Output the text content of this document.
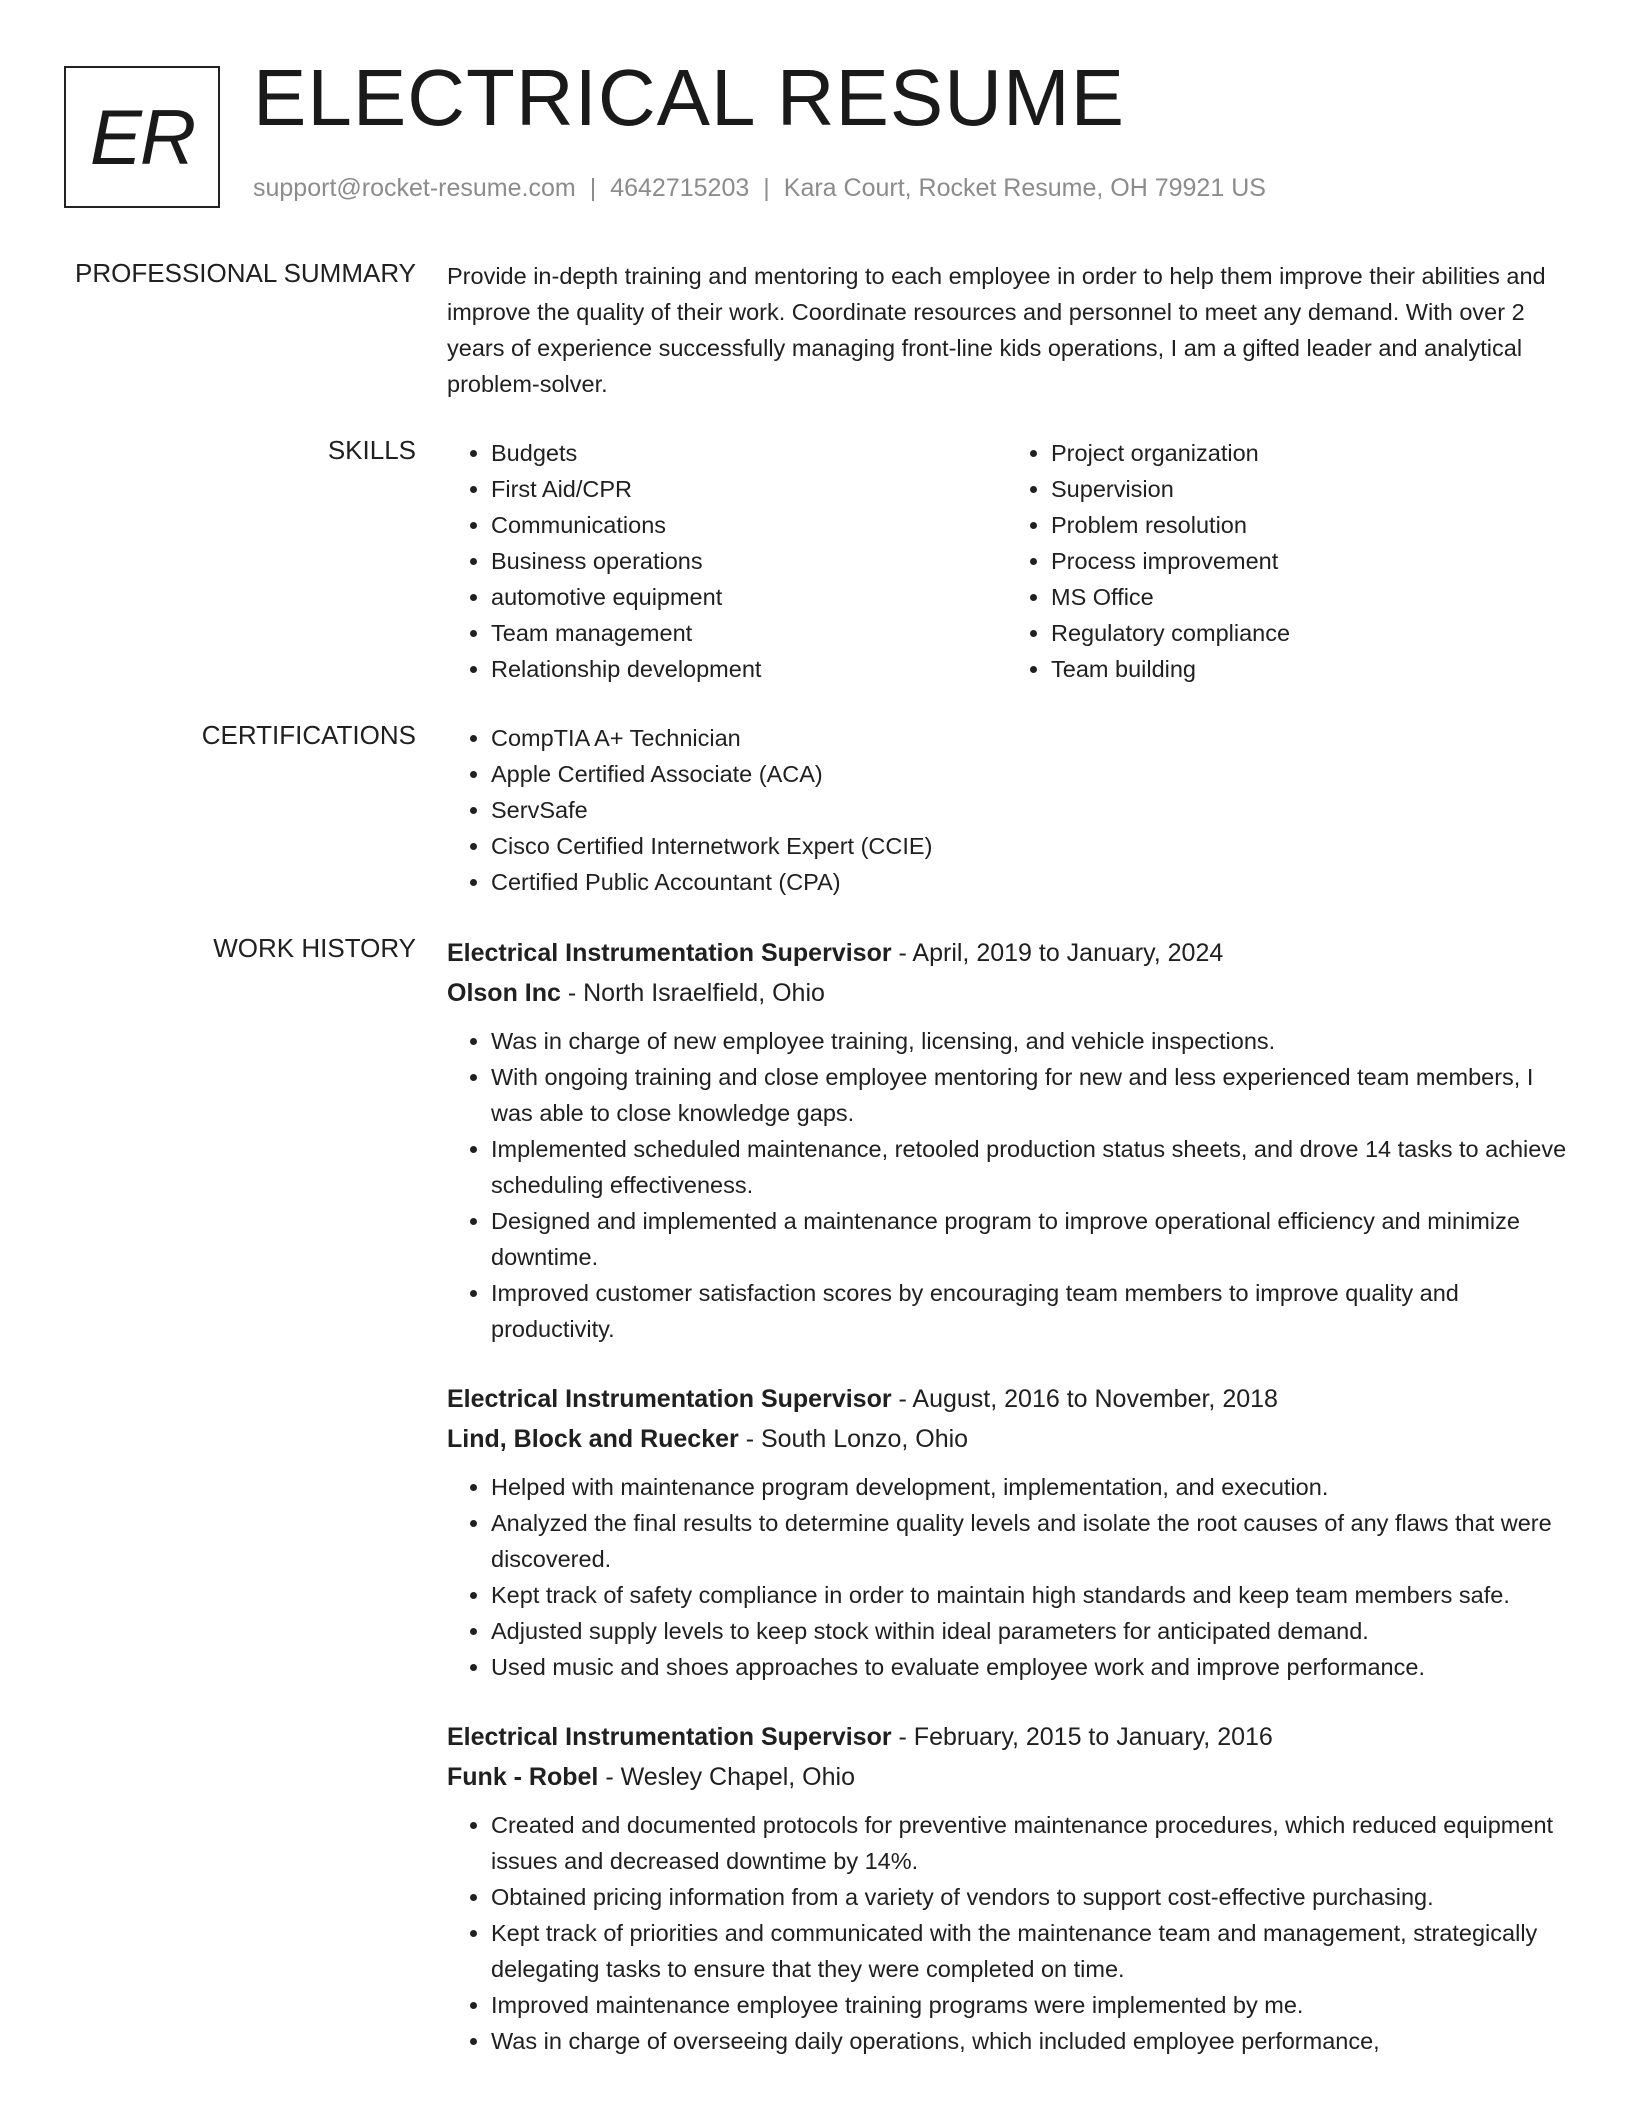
ER ELECTRICAL RESUME
support@rocket-resume.com | 4642715203 | Kara Court, Rocket Resume, OH 79921 US
PROFESSIONAL SUMMARY Provide in-depth training and mentoring to each employee in order to help them improve their abilities and improve the quality of their work. Coordinate resources and personnel to meet any demand. With over 2 years of experience successfully managing front-line kids operations, I am a gifted leader and analytical problem-solver.
SKILLS	• Budgets
• First Aid/CPR
• Communications
• Business operations
• automotive equipment
• Team management
• Relationship development
• Project organization
• Supervision
• Problem resolution
• Process improvement
• MS Office
• Regulatory compliance
• Team building
CERTIFICATIONS	• CompTIA A+ Technician
• Apple Certified Associate (ACA)
• ServSafe
• Cisco Certified Internetwork Expert (CCIE)
• Certified Public Accountant (CPA)
WORK HISTORY Electrical Instrumentation Supervisor - April, 2019 to January, 2024
Olson Inc - North Israelfield, Ohio
• Was in charge of new employee training, licensing, and vehicle inspections.
• With ongoing training and close employee mentoring for new and less experienced team members, I was able to close knowledge gaps.
• Implemented scheduled maintenance, retooled production status sheets, and drove 14 tasks to achieve scheduling effectiveness.
• Designed and implemented a maintenance program to improve operational efficiency and minimize downtime.
• Improved customer satisfaction scores by encouraging team members to improve quality and productivity.
Electrical Instrumentation Supervisor - August, 2016 to November, 2018
Lind, Block and Ruecker - South Lonzo, Ohio
• Helped with maintenance program development, implementation, and execution.
• Analyzed the final results to determine quality levels and isolate the root causes of any flaws that were discovered.
• Kept track of safety compliance in order to maintain high standards and keep team members safe.
• Adjusted supply levels to keep stock within ideal parameters for anticipated demand.
• Used music and shoes approaches to evaluate employee work and improve performance.
Electrical Instrumentation Supervisor - February, 2015 to January, 2016
Funk - Robel - Wesley Chapel, Ohio
• Created and documented protocols for preventive maintenance procedures, which reduced equipment issues and decreased downtime by 14%.
• Obtained pricing information from a variety of vendors to support cost-effective purchasing.
• Kept track of priorities and communicated with the maintenance team and management, strategically delegating tasks to ensure that they were completed on time.
• Improved maintenance employee training programs were implemented by me.
• Was in charge of overseeing daily operations, which included employee performance,
